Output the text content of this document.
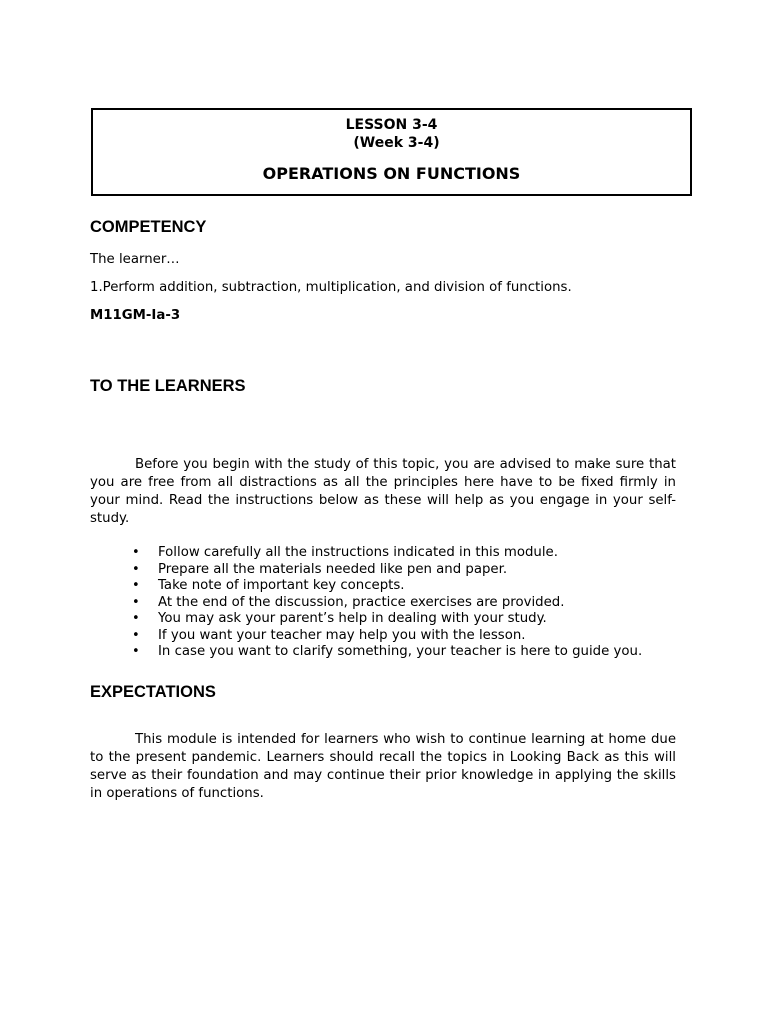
LESSON 3-4
(Week 3-4)
OPERATIONS ON FUNCTIONS
COMPETENCY

The learner…

1.Perform addition, subtraction, multiplication, and division of functions.

M11GM-Ia-3

TO THE LEARNERS

Before you begin with the study of this topic, you are advised to make sure that you are free from all distractions as all the principles here have to be fixed firmly in your mind. Read the instructions below as these will help as you engage in your self-study.

• Follow carefully all the instructions indicated in this module.
• Prepare all the materials needed like pen and paper.
• Take note of important key concepts.
• At the end of the discussion, practice exercises are provided.
• You may ask your parent’s help in dealing with your study.
• If you want your teacher may help you with the lesson.
• In case you want to clarify something, your teacher is here to guide you.
EXPECTATIONS

This module is intended for learners who wish to continue learning at home due to the present pandemic. Learners should recall the topics in Looking Back as this will serve as their foundation and may continue their prior knowledge in applying the skills in operations of functions.
